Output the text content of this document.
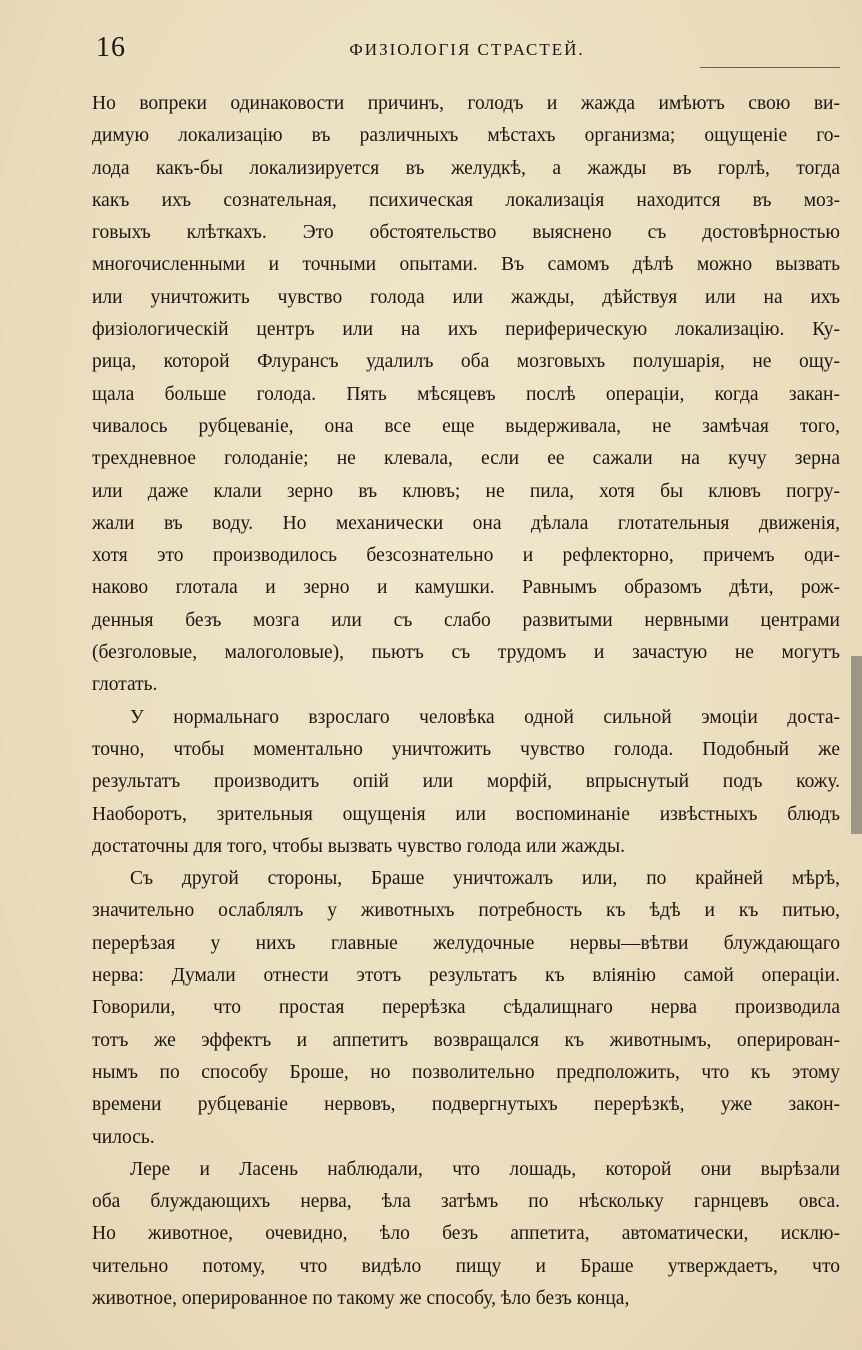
16	ФИЗІОЛОГІЯ СТРАСТЕЙ.
Но вопреки одинаковости причинъ, голодъ и жажда имѣютъ свою ви-
димую локализацію въ различныхъ мѣстахъ организма; ощущеніе го-
лода какъ-бы локализируется въ желудкѣ, а жажды въ горлѣ, тогда
какъ ихъ сознательная, психическая локализація находится въ моз-
говыхъ клѣткахъ. Это обстоятельство выяснено съ достовѣрностью
многочисленными и точными опытами. Въ самомъ дѣлѣ можно вызвать
или уничтожить чувство голода или жажды, дѣйствуя или на ихъ
физіологическій центръ или на ихъ периферическую локализацію. Ку-
рица, которой Флурансъ удалилъ оба мозговыхъ полушарія, не ощу-
щала больше голода. Пять мѣсяцевъ послѣ операціи, когда закан-
чивалось рубцеваніе, она все еще выдерживала, не замѣчая того,
трехдневное голоданіе; не клевала, если ее сажали на кучу зерна
или даже клали зерно въ клювъ; не пила, хотя бы клювъ погру-
жали въ воду. Но механически она дѣлала глотательныя движенія,
хотя это производилось безсознательно и рефлекторно, причемъ оди-
наково глотала и зерно и камушки. Равнымъ образомъ дѣти, рож-
денныя безъ мозга или съ слабо развитыми нервными центрами
(безголовые, малоголовые), пьютъ съ трудомъ и зачастую не могутъ
глотать.
У нормальнаго взрослаго человѣка одной сильной эмоціи доста-
точно, чтобы моментально уничтожить чувство голода. Подобный же
результатъ производитъ опій или морфій, впрыснутый подъ кожу.
Наоборотъ, зрительныя ощущенія или воспоминаніе извѣстныхъ блюдъ
достаточны для того, чтобы вызвать чувство голода или жажды.
Съ другой стороны, Браше уничтожалъ или, по крайней мѣрѣ,
значительно ослаблялъ у животныхъ потребность къ ѣдѣ и къ питью,
перерѣзая у нихъ главные желудочные нервы—вѣтви блуждающаго
нерва: Думали отнести этотъ результатъ къ вліянію самой операціи.
Говорили, что простая перерѣзка сѣдалищнаго нерва производила
тотъ же эффектъ и аппетитъ возвращался къ животнымъ, оперирован-
нымъ по способу Броше, но позволительно предположить, что къ этому
времени рубцеваніе нервовъ, подвергнутыхъ перерѣзкѣ, уже закон-
чилось.
Лере и Ласень наблюдали, что лошадь, которой они вырѣзали
оба блуждающихъ нерва, ѣла затѣмъ по нѣскольку гарнцевъ овса.
Но животное, очевидно, ѣло безъ аппетита, автоматически, исклю-
чительно потому, что видѣло пищу и Браше утверждаетъ, что
животное, оперированное по такому же способу, ѣло безъ конца,
